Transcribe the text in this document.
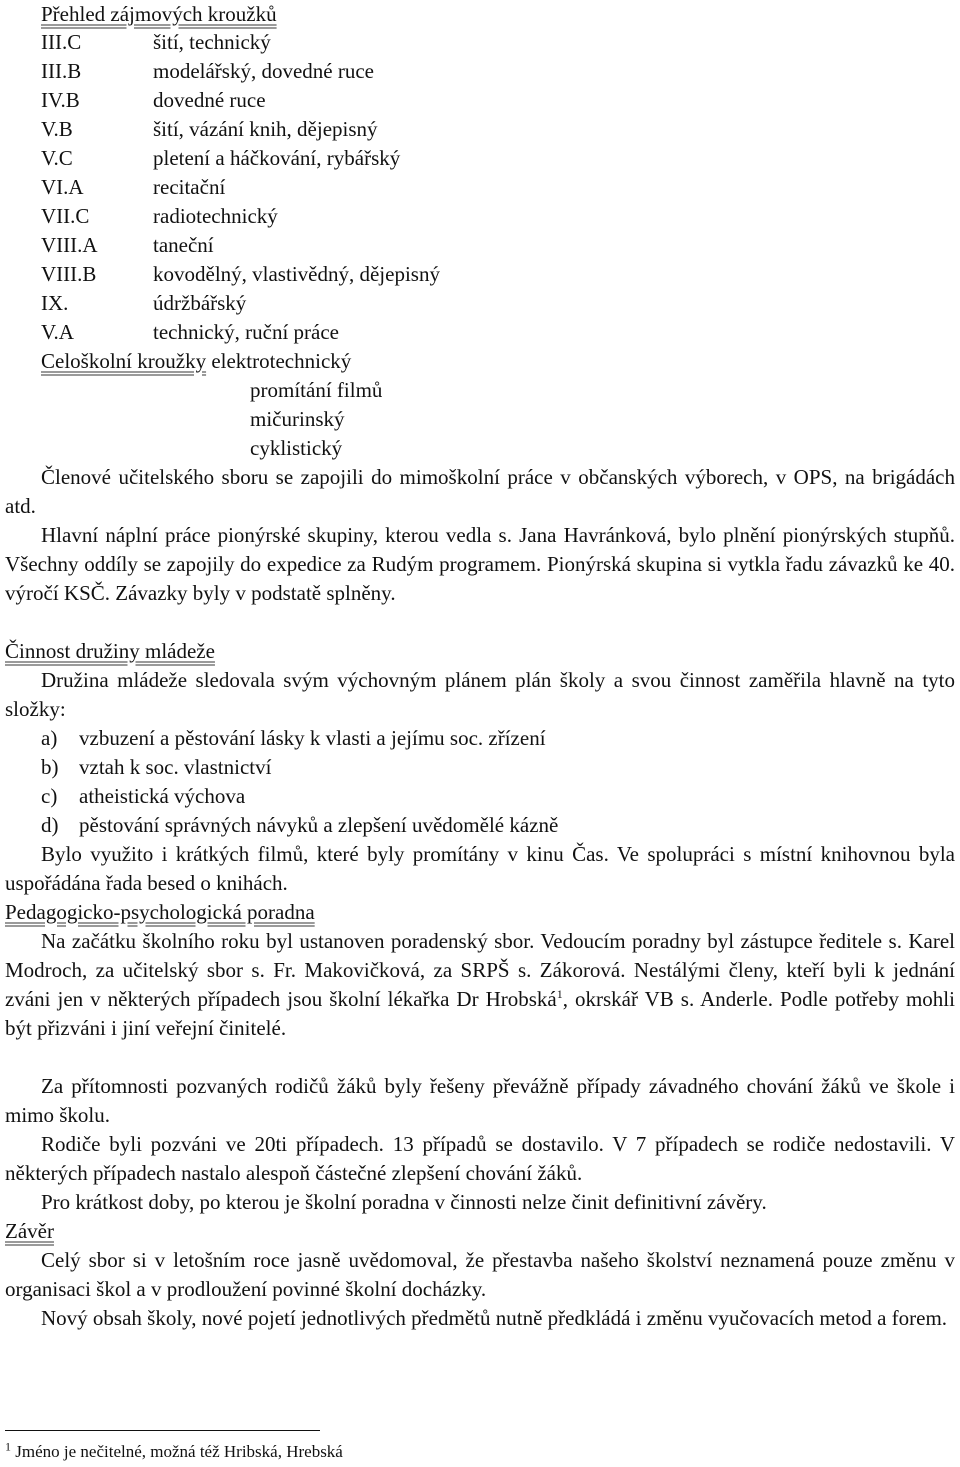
Přehled zájmových kroužků
III.C	šití, technický
III.B	modelářský, dovedné ruce
IV.B	dovedné ruce
V.B	šití, vázání knih, dějepisný
V.C	pletení a háčkování, rybářský
VI.A	recitační
VII.C	radiotechnický
VIII.A	taneční
VIII.B	kovodělný, vlastivědný, dějepisný
IX.	údržbářský
V.A	technický, ruční práce
Celoškolní kroužky elektrotechnický
promítání filmů
mičurinský
cyklistický

Členové učitelského sboru se zapojili do mimoškolní práce v občanských výborech, v OPS, na brigádách atd.

Hlavní náplní práce pionýrské skupiny, kterou vedla s. Jana Havránková, bylo plnění pionýrských stupňů. Všechny oddíly se zapojily do expedice za Rudým programem. Pionýrská skupina si vytkla řadu závazků ke 40. výročí KSČ. Závazky byly v podstatě splněny.

Činnost družiny mládeže

Družina mládeže sledovala svým výchovným plánem plán školy a svou činnost zaměřila hlavně na tyto složky:

a) vzbuzení a pěstování lásky k vlasti a jejímu soc. zřízení
b) vztah k soc. vlastnictví
c) atheistická výchova
d) pěstování správných návyků a zlepšení uvědomělé kázně

Bylo využito i krátkých filmů, které byly promítány v kinu Čas. Ve spolupráci s místní knihovnou byla uspořádána řada besed o knihách.

Pedagogicko-psychologická poradna

Na začátku školního roku byl ustanoven poradenský sbor. Vedoucím poradny byl zástupce ředitele s. Karel Modroch, za učitelský sbor s. Fr. Makovičková, za SRPŠ s. Zákorová. Nestálými členy, kteří byli k jednání zváni jen v některých případech jsou školní lékařka Dr Hrobská$^1$, okrskář VB s. Anderle. Podle potřeby mohli být přizváni i jiní veřejní činitelé.

Za přítomnosti pozvaných rodičů žáků byly řešeny převážně případy závadného chování žáků ve škole i mimo školu.

Rodiče byli pozváni ve 20ti případech. 13 případů se dostavilo. V 7 případech se rodiče nedostavili. V některých případech nastalo alespoň částečné zlepšení chování žáků.

Pro krátkost doby, po kterou je školní poradna v činnosti nelze činit definitivní závěry.

Závěr

Celý sbor si v letošním roce jasně uvědomoval, že přestavba našeho školství neznamená pouze změnu v organisaci škol a v prodloužení povinné školní docházky.

Nový obsah školy, nové pojetí jednotlivých předmětů nutně předkládá i změnu vyučovacích metod a forem.

$^1$ Jméno je nečitelné, možná též Hribská, Hrebská
